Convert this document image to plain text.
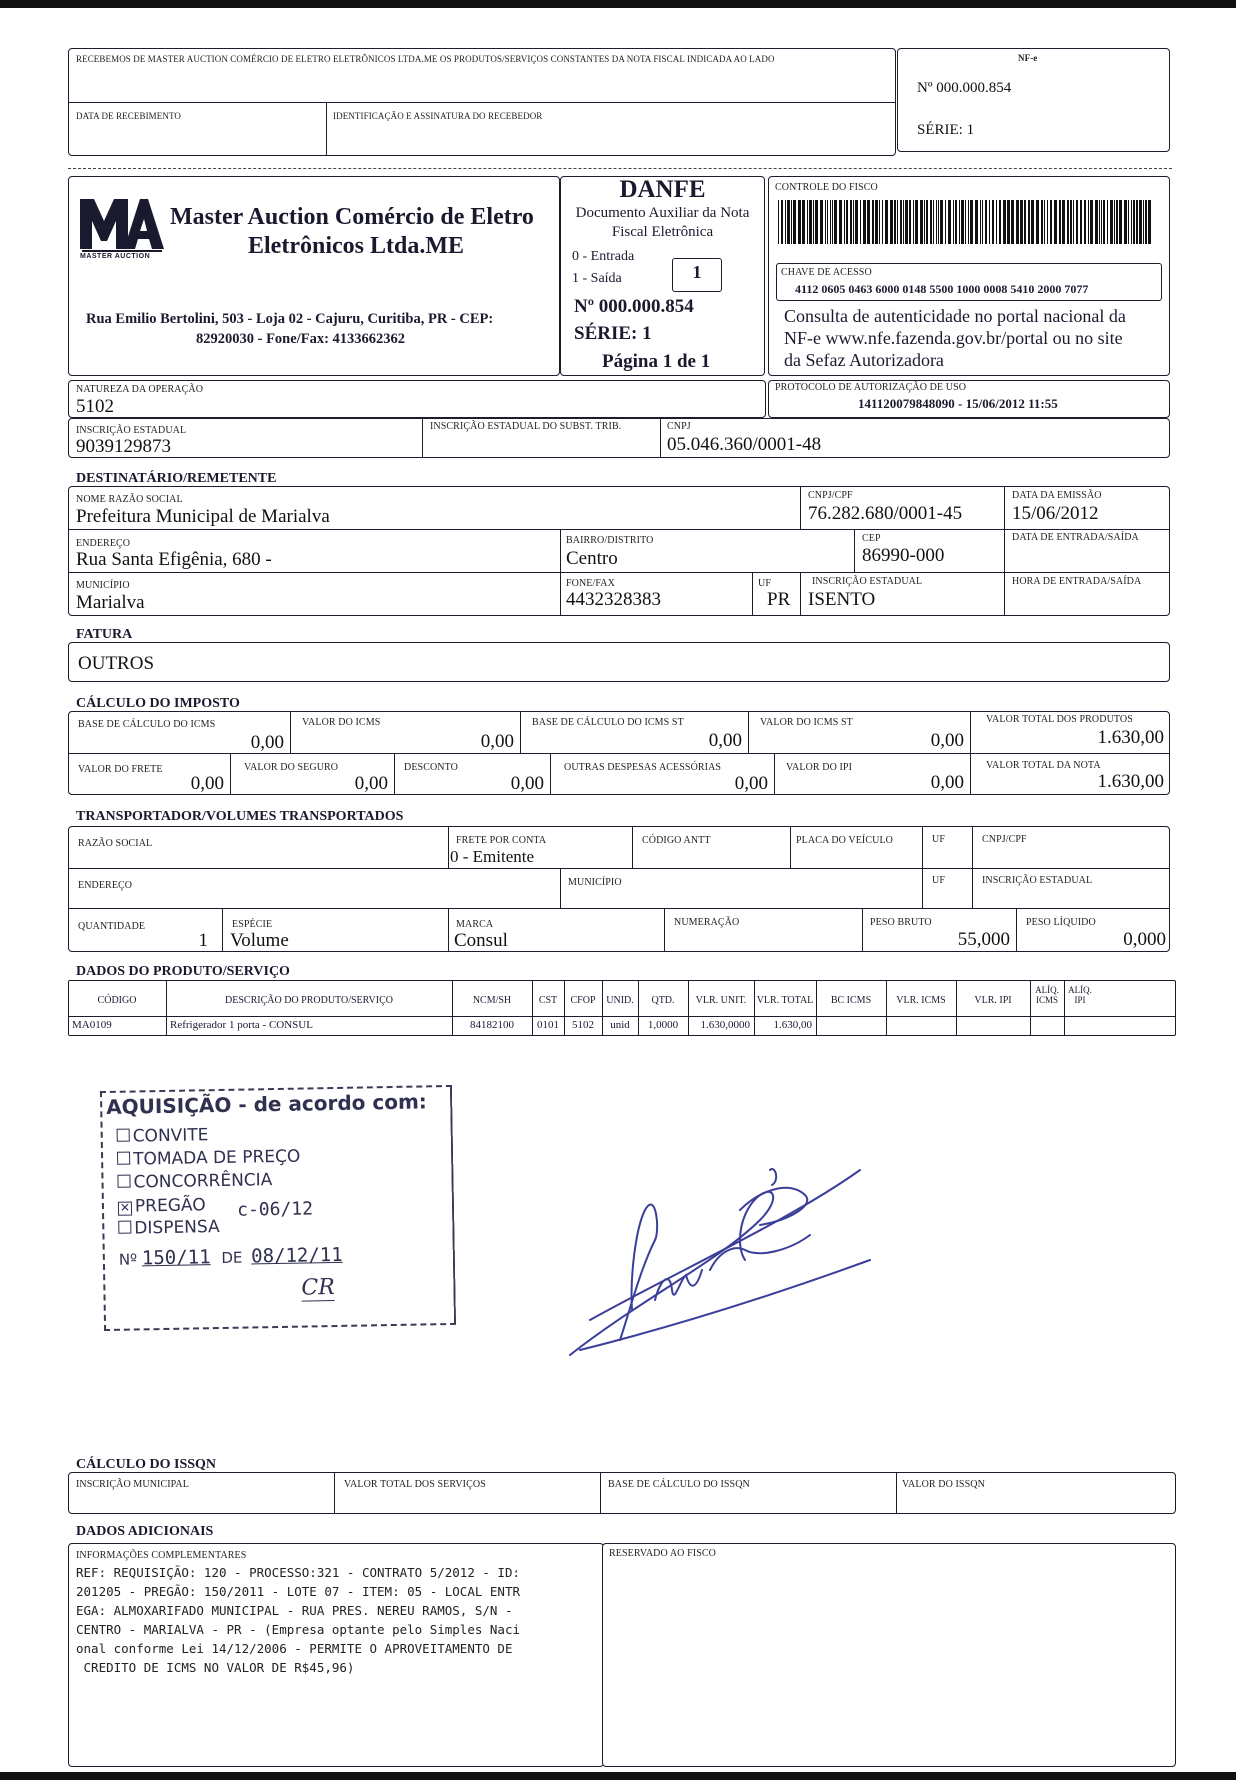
RECEBEMOS DE MASTER AUCTION COMÉRCIO DE ELETRO ELETRÔNICOS LTDA.ME OS PRODUTOS/SERVIÇOS CONSTANTES DA NOTA FISCAL INDICADA AO LADO
DATA DE RECEBIMENTO	IDENTIFICAÇÃO E ASSINATURA DO RECEBEDOR
NF-e
Nº 000.000.854
SÉRIE: 1
MASTER AUCTION
Master Auction Comércio de Eletro
Eletrônicos Ltda.ME
Rua Emilio Bertolini, 503 - Loja 02 - Cajuru, Curitiba, PR - CEP:
82920030 - Fone/Fax: 4133662362
DANFE
Documento Auxiliar da Nota
Fiscal Eletrônica
0 - Entrada
1 - Saída	1
Nº 000.000.854
SÉRIE: 1
Página 1 de 1
CONTROLE DO FISCO
CHAVE DE ACESSO
4112 0605 0463 6000 0148 5500 1000 0008 5410 2000 7077
Consulta de autenticidade no portal nacional da
NF-e www.nfe.fazenda.gov.br/portal ou no site
da Sefaz Autorizadora
NATUREZA DA OPERAÇÃO
5102
PROTOCOLO DE AUTORIZAÇÃO DE USO
141120079848090 - 15/06/2012 11:55
INSCRIÇÃO ESTADUAL
9039129873
INSCRIÇÃO ESTADUAL DO SUBST. TRIB.	CNPJ
05.046.360/0001-48
DESTINATÁRIO/REMETENTE
NOME RAZÃO SOCIAL
Prefeitura Municipal de Marialva
CNPJ/CPF
76.282.680/0001-45
DATA DA EMISSÃO
15/06/2012
ENDEREÇO
Rua Santa Efigênia, 680 -
BAIRRO/DISTRITO
Centro
CEP
86990-000
DATA DE ENTRADA/SAÍDA
MUNICÍPIO
Marialva
FONE/FAX
4432328383
UF
PR
INSCRIÇÃO ESTADUAL
ISENTO
HORA DE ENTRADA/SAÍDA
FATURA
OUTROS
CÁLCULO DO IMPOSTO
BASE DE CÁLCULO DO ICMS
0,00
VALOR DO ICMS
0,00
BASE DE CÁLCULO DO ICMS ST
0,00
VALOR DO ICMS ST
0,00
VALOR TOTAL DOS PRODUTOS
1.630,00
VALOR DO FRETE
0,00
VALOR DO SEGURO
0,00
DESCONTO
0,00
OUTRAS DESPESAS ACESSÓRIAS
0,00
VALOR DO IPI
0,00
VALOR TOTAL DA NOTA
1.630,00
TRANSPORTADOR/VOLUMES TRANSPORTADOS
RAZÃO SOCIAL	FRETE POR CONTA
0 - Emitente
CÓDIGO ANTT	PLACA DO VEÍCULO	UF	CNPJ/CPF
ENDEREÇO	MUNICÍPIO	UF	INSCRIÇÃO ESTADUAL
QUANTIDADE
1
ESPÉCIE
Volume
MARCA
Consul
NUMERAÇÃO	PESO BRUTO
55,000
PESO LÍQUIDO
0,000
DADOS DO PRODUTO/SERVIÇO
CÓDIGO	DESCRIÇÃO DO PRODUTO/SERVIÇO	NCM/SH	CST	CFOP	UNID.	QTD.	VLR. UNIT.	VLR. TOTAL	BC ICMS	VLR. ICMS	VLR. IPI
ALÍQ. ICMS
ALÍQ. IPI
MA0109	Refrigerador 1 porta - CONSUL	84182100	0101	5102	unid	1,0000	1.630,0000	1.630,00
AQUISIÇÃO - de acordo com:
CONVITE
TOMADA DE PREÇO
CONCORRÊNCIA
✕ PREGÃO c-06/12
DISPENSA
Nº 150/11 DE 08/12/11
CR
CÁLCULO DO ISSQN
INSCRIÇÃO MUNICIPAL	VALOR TOTAL DOS SERVIÇOS	BASE DE CÁLCULO DO ISSQN	VALOR DO ISSQN
DADOS ADICIONAIS
INFORMAÇÕES COMPLEMENTARES	RESERVADO AO FISCO
REF: REQUISIÇÃO: 120 - PROCESSO:321 - CONTRATO 5/2012 - ID:
201205 - PREGÃO: 150/2011 - LOTE 07 - ITEM: 05 - LOCAL ENTR
EGA: ALMOXARIFADO MUNICIPAL - RUA PRES. NEREU RAMOS, S/N -
CENTRO - MARIALVA - PR - (Empresa optante pelo Simples Naci
onal conforme Lei 14/12/2006 - PERMITE O APROVEITAMENTO DE
CREDITO DE ICMS NO VALOR DE R$45,96)
